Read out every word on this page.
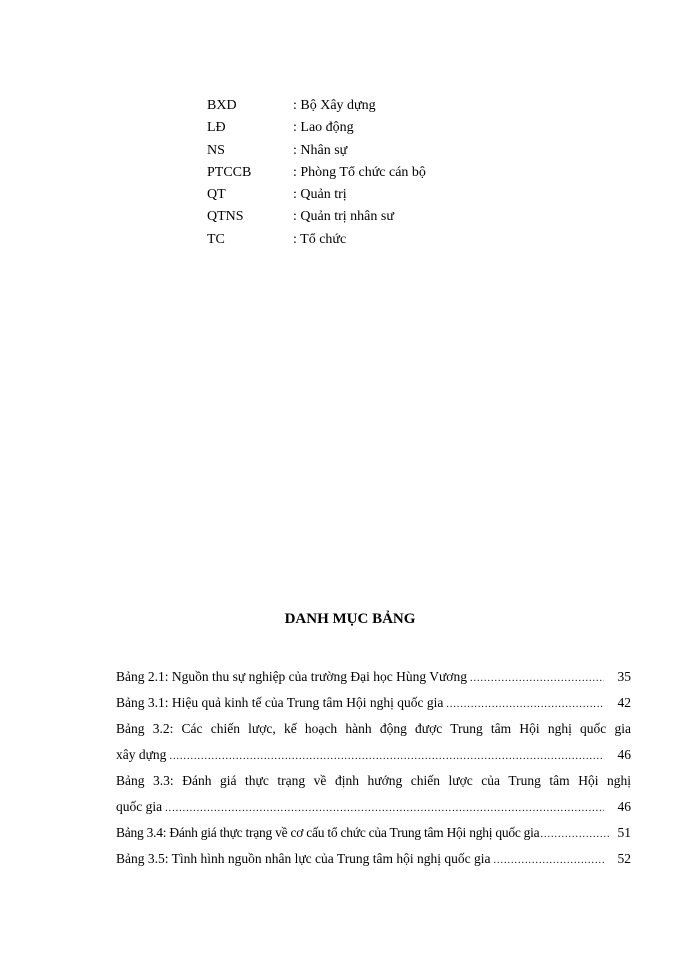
BXD	: Bộ Xây dựng
LĐ	: Lao động
NS	: Nhân sự
PTCCB	: Phòng Tổ chức cán bộ
QT	: Quản trị
QTNS	: Quản trị nhân sư
TC	: Tổ chức
DANH MỤC BẢNG
Bảng 2.1: Nguồn thu sự nghiệp của trường Đại học Hùng Vương .....	35
Bảng 3.1: Hiệu quả kinh tế của Trung tâm Hội nghị quốc gia .....	42
Bảng 3.2: Các chiến lược, kế hoạch hành động được Trung tâm Hội nghị quốc gia
xây dựng .....	46
Bảng 3.3: Đánh giá thực trạng về định hướng chiến lược của Trung tâm Hội nghị
quốc gia .....	46
Bảng 3.4: Đánh giá thực trạng về cơ cấu tổ chức của Trung tâm Hội nghị quốc gia .....	51
Bảng 3.5: Tình hình nguồn nhân lực của Trung tâm hội nghị quốc gia .....	52
